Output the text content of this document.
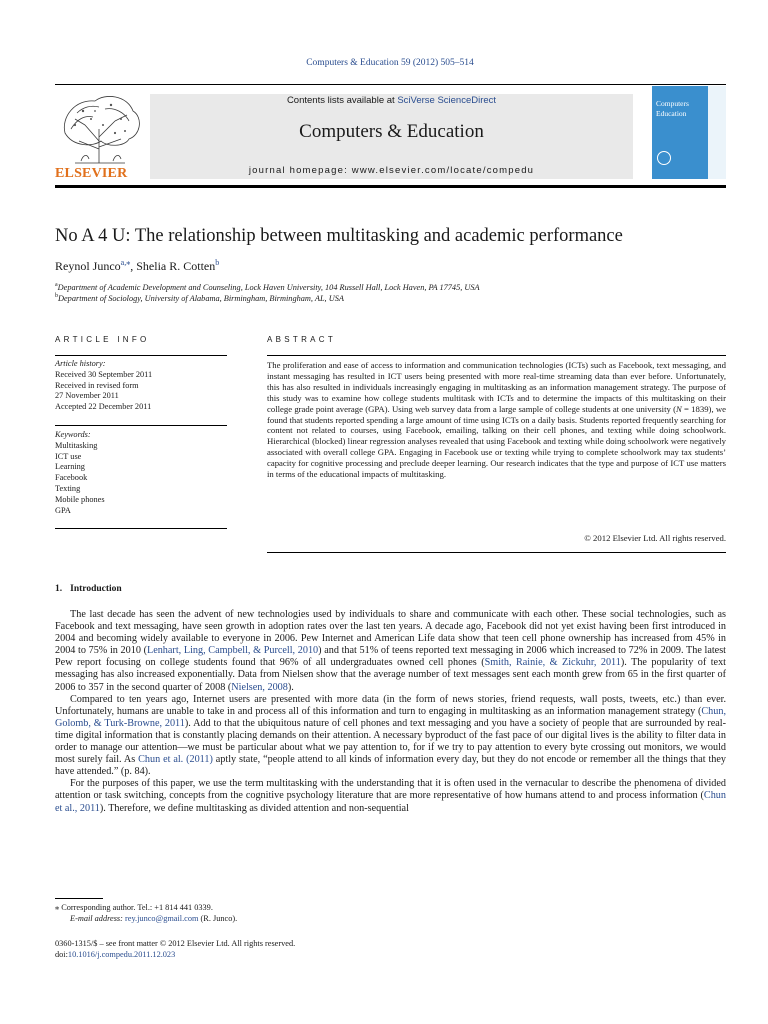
Computers & Education 59 (2012) 505–514
ELSEVIER
Contents lists available at SciVerse ScienceDirect
Computers & Education
journal homepage: www.elsevier.com/locate/compedu
Computers
Education
No A 4 U: The relationship between multitasking and academic performance
Reynol Junco$^{a,⁎}$, Shelia R. Cotten$^b$
$^a$Department of Academic Development and Counseling, Lock Haven University, 104 Russell Hall, Lock Haven, PA 17745, USA
$^b$Department of Sociology, University of Alabama, Birmingham, Birmingham, AL, USA
ARTICLE INFO
Article history:
Received 30 September 2011
Received in revised form
27 November 2011
Accepted 22 December 2011
Keywords:
Multitasking
ICT use
Learning
Facebook
Texting
Mobile phones
GPA
ABSTRACT
The proliferation and ease of access to information and communication technologies (ICTs) such as Facebook, text messaging, and instant messaging has resulted in ICT users being presented with more real-time streaming data than ever before. Unfortunately, this has also resulted in individuals increasingly engaging in multitasking as an information management strategy. The purpose of this study was to examine how college students multitask with ICTs and to determine the impacts of this multitasking on their college grade point average (GPA). Using web survey data from a large sample of college students at one university (N = 1839), we found that students reported spending a large amount of time using ICTs on a daily basis. Students reported frequently searching for content not related to courses, using Facebook, emailing, talking on their cell phones, and texting while doing schoolwork. Hierarchical (blocked) linear regression analyses revealed that using Facebook and texting while doing schoolwork were negatively associated with overall college GPA. Engaging in Facebook use or texting while trying to complete schoolwork may tax students’ capacity for cognitive processing and preclude deeper learning. Our research indicates that the type and purpose of ICT use matters in terms of the educational impacts of multitasking.
© 2012 Elsevier Ltd. All rights reserved.
1. Introduction

The last decade has seen the advent of new technologies used by individuals to share and communicate with each other. These social technologies, such as Facebook and text messaging, have seen growth in adoption rates over the last ten years. A decade ago, Facebook did not yet exist having been first introduced in 2004 and becoming widely available to everyone in 2006. Pew Internet and American Life data show that teen cell phone ownership has increased from 45% in 2004 to 75% in 2010 (Lenhart, Ling, Campbell, & Purcell, 2010) and that 51% of teens reported text messaging in 2006 which increased to 72% in 2009. The latest Pew report focusing on college students found that 96% of all undergraduates owned cell phones (Smith, Rainie, & Zickuhr, 2011). The popularity of text messaging has also increased exponentially. Data from Nielsen show that the average number of text messages sent each month grew from 65 in the first quarter of 2006 to 357 in the second quarter of 2008 (Nielsen, 2008).

Compared to ten years ago, Internet users are presented with more data (in the form of news stories, friend requests, wall posts, tweets, etc.) than ever. Unfortunately, humans are unable to take in and process all of this information and turn to engaging in multitasking as an information management strategy (Chun, Golomb, & Turk-Browne, 2011). Add to that the ubiquitous nature of cell phones and text messaging and you have a society of people that are surrounded by real-time digital information that is constantly placing demands on their attention. A necessary byproduct of the fast pace of our digital lives is the ability to filter data in order to manage our attention—we must be particular about what we pay attention to, for if we try to pay attention to every byte crossing out monitors, we would most surely fail. As Chun et al. (2011) aptly state, “people attend to all kinds of information every day, but they do not encode or remember all the things that they have attended.” (p. 84).

For the purposes of this paper, we use the term multitasking with the understanding that it is often used in the vernacular to describe the phenomena of divided attention or task switching, concepts from the cognitive psychology literature that are more representative of how humans attend to and process information (Chun et al., 2011). Therefore, we define multitasking as divided attention and non-sequential

⁎ Corresponding author. Tel.: +1 814 441 0339.
E-mail address: rey.junco@gmail.com (R. Junco).
0360-1315/$ – see front matter © 2012 Elsevier Ltd. All rights reserved.
doi:10.1016/j.compedu.2011.12.023
